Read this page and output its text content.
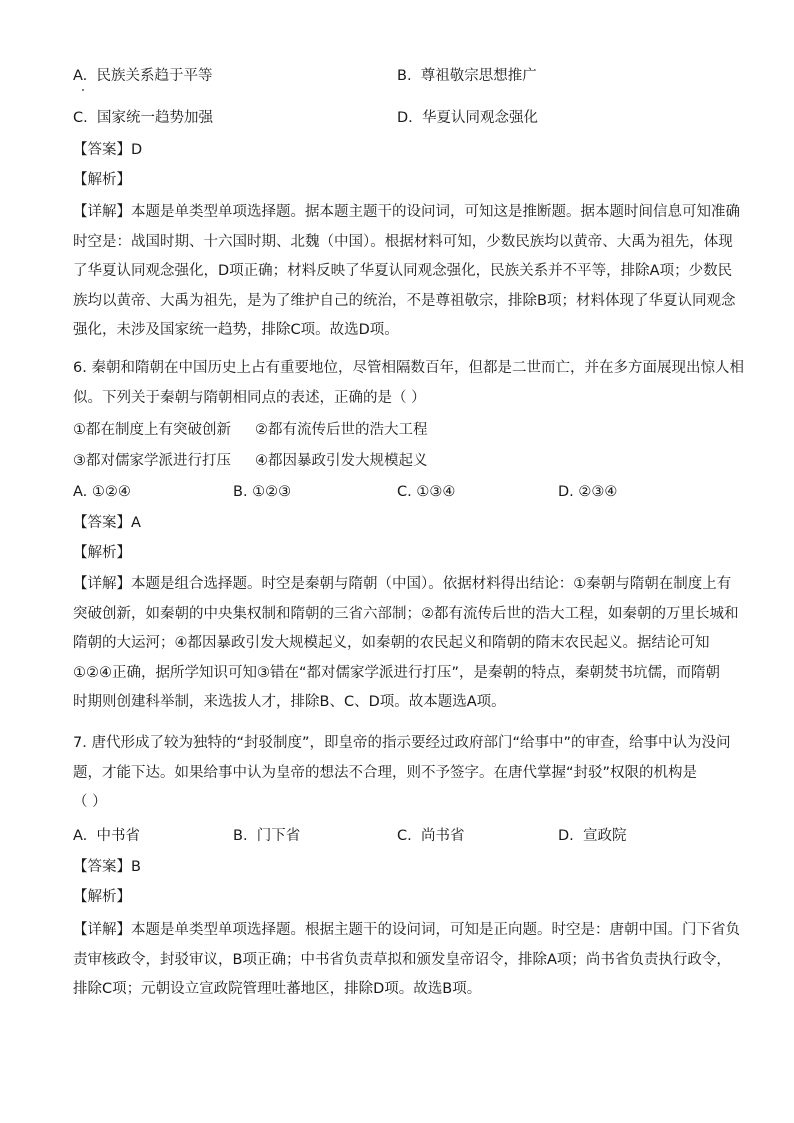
A. 民族关系趋于平等	B. 尊祖敬宗思想推广
C. 国家统一趋势加强	D. 华夏认同观念强化
【答案】D
【解析】
【详解】本题是单类型单项选择题。据本题主题干的设问词，可知这是推断题。据本题时间信息可知准确
时空是：战国时期、十六国时期、北魏（中国）。根据材料可知，少数民族均以黄帝、大禹为祖先，体现
了华夏认同观念强化，D项正确；材料反映了华夏认同观念强化，民族关系并不平等，排除A项；少数民
族均以黄帝、大禹为祖先，是为了维护自己的统治，不是尊祖敬宗，排除B项；材料体现了华夏认同观念
强化，未涉及国家统一趋势，排除C项。故选D项。
6. 秦朝和隋朝在中国历史上占有重要地位，尽管相隔数百年，但都是二世而亡，并在多方面展现出惊人相
似。下列关于秦朝与隋朝相同点的表述，正确的是（ ）
①都在制度上有突破创新 ②都有流传后世的浩大工程
③都对儒家学派进行打压 ④都因暴政引发大规模起义
A. ①②④	B. ①②③	C. ①③④	D. ②③④
【答案】A
【解析】
【详解】本题是组合选择题。时空是秦朝与隋朝（中国）。依据材料得出结论：①秦朝与隋朝在制度上有
突破创新，如秦朝的中央集权制和隋朝的三省六部制；②都有流传后世的浩大工程，如秦朝的万里长城和
隋朝的大运河；④都因暴政引发大规模起义，如秦朝的农民起义和隋朝的隋末农民起义。据结论可知
①②④正确，据所学知识可知③错在“都对儒家学派进行打压”，是秦朝的特点，秦朝焚书坑儒，而隋朝
时期则创建科举制，来选拔人才，排除B、C、D项。故本题选A项。
7. 唐代形成了较为独特的“封驳制度”，即皇帝的指示要经过政府部门“给事中”的审查，给事中认为没问
题，才能下达。如果给事中认为皇帝的想法不合理，则不予签字。在唐代掌握“封驳”权限的机构是
（ ）
A. 中书省	B. 门下省	C. 尚书省	D. 宣政院
【答案】B
【解析】
【详解】本题是单类型单项选择题。根据主题干的设问词，可知是正向题。时空是：唐朝中国。门下省负
责审核政令，封驳审议，B项正确；中书省负责草拟和颁发皇帝诏令，排除A项；尚书省负责执行政令，
排除C项；元朝设立宣政院管理吐蕃地区，排除D项。故选B项。
